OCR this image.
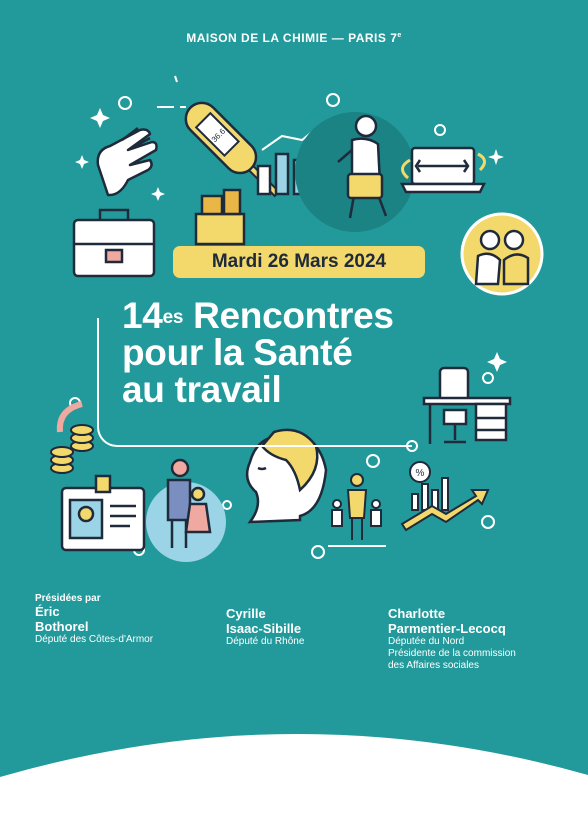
MAISON DE LA CHIMIE — PARIS 7e
36.6
%
Mardi 26 Mars 2024
$14^{es}$ Rencontres
pour la Santé
au travail
Présidées par
Éric
Bothorel
Député des Côtes-d'Armor
Cyrille
Isaac-Sibille
Député du Rhône
Charlotte
Parmentier-Lecocq
Députée du Nord
Présidente de la commission
des Affaires sociales
